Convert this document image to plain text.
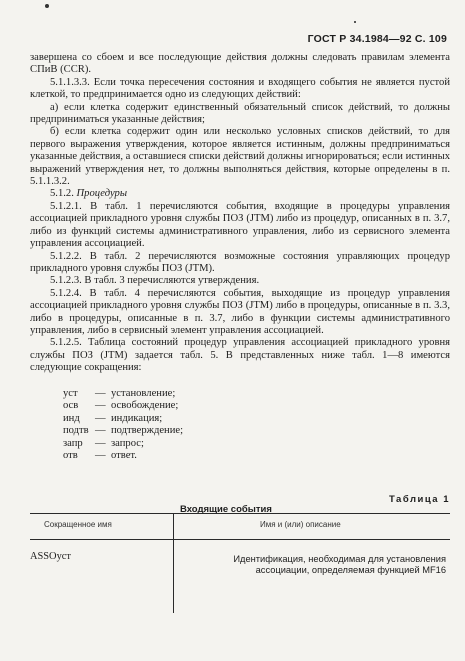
ГОСТ Р 34.1984—92 С. 109

завершена со сбоем и все последующие действия должны следовать правилам элемента СПиВ (ССR).

5.1.1.3.3. Если точка пересечения состояния и входящего события не является пустой клеткой, то предпринимается одно из следующих действий:

а) если клетка содержит единственный обязательный список действий, то должны предприниматься указанные действия;

б) если клетка содержит один или несколько условных списков действий, то для первого выражения утверждения, которое является истинным, должны предприниматься указанные действия, а оставшиеся списки действий должны игнорироваться; если истинных выражений утверждения нет, то должны выполняться действия, которые определены в п. 5.1.1.3.2.

5.1.2. Процедуры

5.1.2.1. В табл. 1 перечисляются события, входящие в процедуры управления ассоциацией прикладного уровня службы ПОЗ (JTM) либо из процедур, описанных в п. 3.7, либо из функций системы административного управления, либо из сервисного элемента управления ассоциацией.

5.1.2.2. В табл. 2 перечисляются возможные состояния управляющих процедур прикладного уровня службы ПОЗ (JTM).

5.1.2.3. В табл. 3 перечисляются утверждения.

5.1.2.4. В табл. 4 перечисляются события, выходящие из процедур управления ассоциацией прикладного уровня службы ПОЗ (JTM) либо в процедуры, описанные в п. 3.3, либо в процедуры, описанные в п. 3.7, либо в функции системы административного управления, либо в сервисный элемент управления ассоциацией.

5.1.2.5. Таблица состояний процедур управления ассоциацией прикладного уровня службы ПОЗ (JTM) задается табл. 5. В представленных ниже табл. 1—8 имеются следующие сокращения:

уст	— установление;
осв	— освобождение;
инд	— индикация;
подтв — подтверждение;
запр	— запрос;
отв	— ответ.
Таблица 1
Входящие события
Сокращенное имя	Имя и (или) описание
ASSOуст	Идентификация, необходимая для установления ассоциации, определяемая функцией MF16
